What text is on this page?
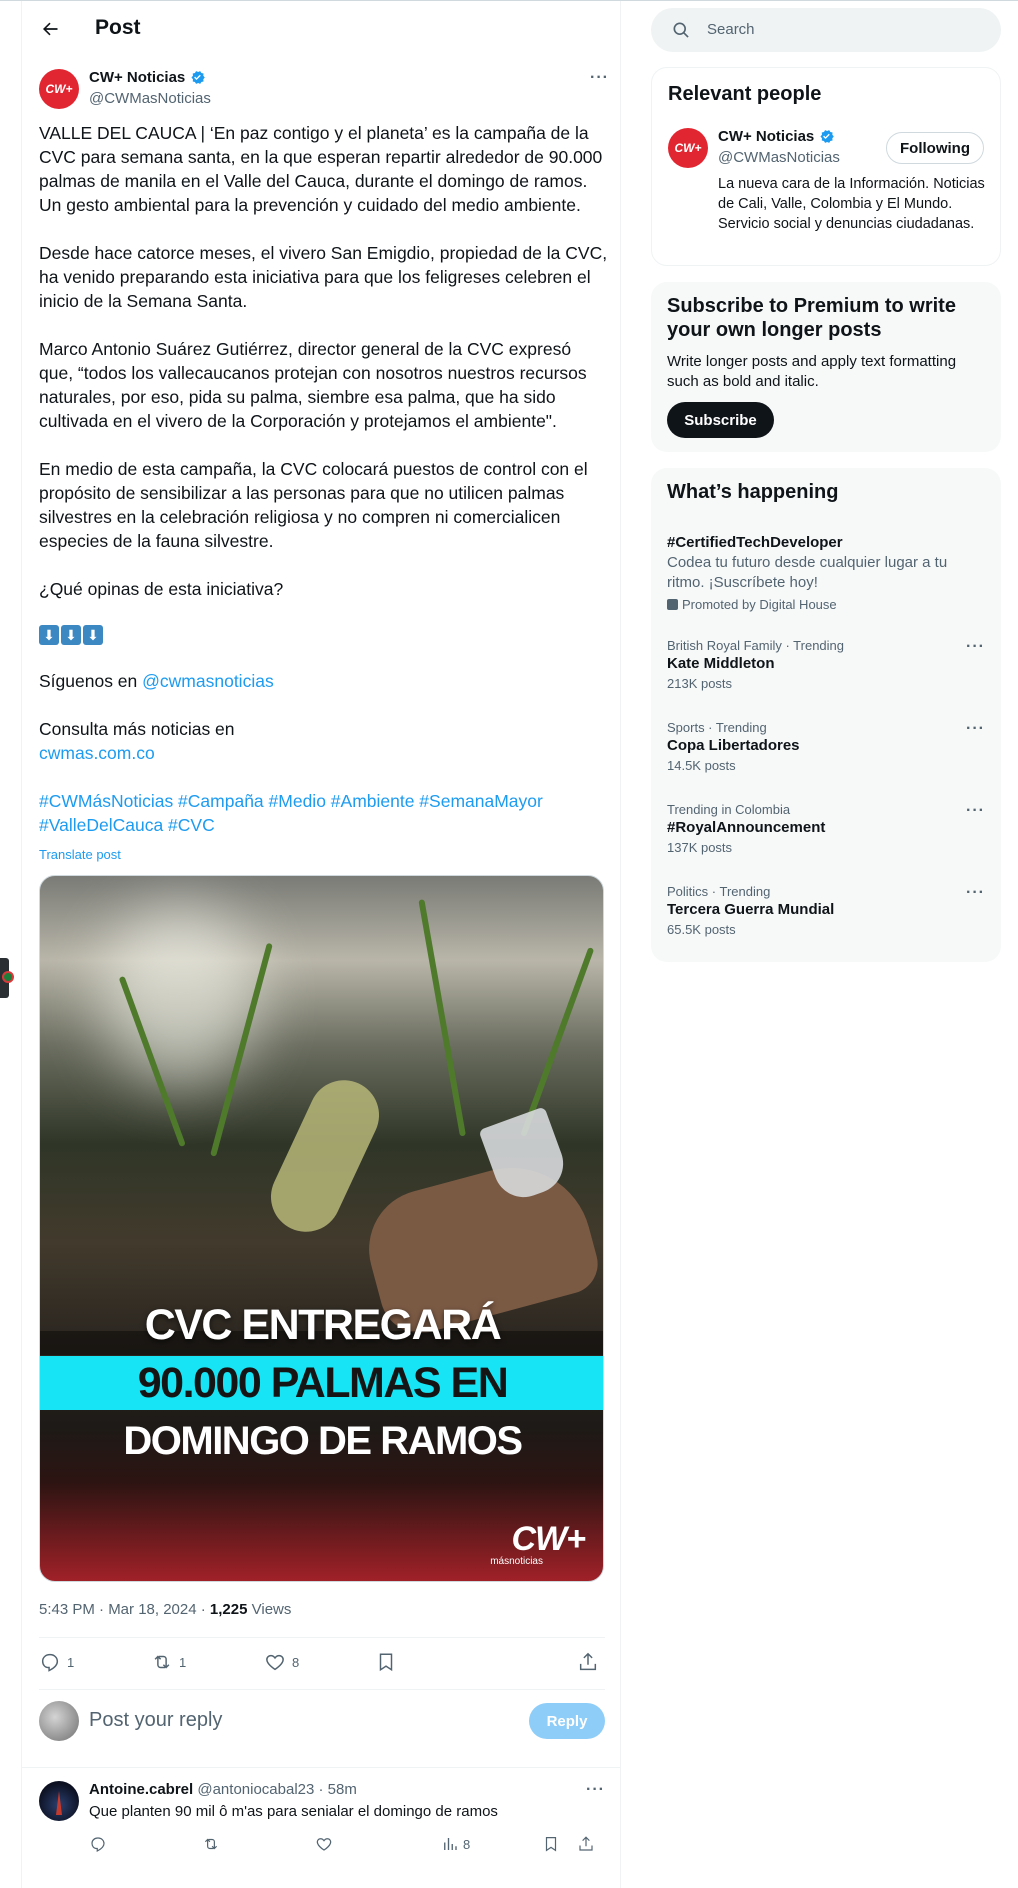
Post
CW+
CW+ Noticias
@CWMasNoticias
···

VALLE DEL CAUCA | ‘En paz contigo y el planeta’ es la campaña de la CVC para semana santa, en la que esperan repartir alrededor de 90.000 palmas de manila en el Valle del Cauca, durante el domingo de ramos. Un gesto ambiental para la prevención y cuidado del medio ambiente.

Desde hace catorce meses, el vivero San Emigdio, propiedad de la CVC, ha venido preparando esta iniciativa para que los feligreses celebren el inicio de la Semana Santa.

Marco Antonio Suárez Gutiérrez, director general de la CVC expresó que, “todos los vallecaucanos protejan con nosotros nuestros recursos naturales, por eso, pida su palma, siembre esa palma, que ha sido cultivada en el vivero de la Corporación y protejamos el ambiente".

En medio de esta campaña, la CVC colocará puestos de control con el propósito de sensibilizar a las personas para que no utilicen palmas silvestres en la celebración religiosa y no compren ni comercialicen especies de la fauna silvestre.

¿Qué opinas de esta iniciativa?

⬇ ⬇ ⬇

Síguenos en @cwmasnoticias

Consulta más noticias en
cwmas.com.co

#CWMásNoticias #Campaña #Medio #Ambiente #SemanaMayor
#ValleDelCauca #CVC

Translate post
CVC ENTREGARÁ
90.000 PALMAS EN
DOMINGO DE RAMOS
CW+
másnoticias
5:43 PM · Mar 18, 2024 · 1,225 Views
1	1	8
Post your reply	Reply
Antoine.cabrel @antoniocabal23 · 58m	···
Que planten 90 mil ô m'as para senialar el domingo de ramos
8
Search
Relevant people
CW+
CW+ Noticias
@CWMasNoticias
Following
La nueva cara de la Información. Noticias de Cali, Valle, Colombia y El Mundo. Servicio social y denuncias ciudadanas.
Subscribe to Premium to write your own longer posts
Write longer posts and apply text formatting such as bold and italic.
Subscribe
What’s happening
#CertifiedTechDeveloper
Codea tu futuro desde cualquier lugar a tu ritmo. ¡Suscríbete hoy!
Promoted by Digital House
British Royal Family · Trending
Kate Middleton
213K posts
···
Sports · Trending
Copa Libertadores
14.5K posts
···
Trending in Colombia
#RoyalAnnouncement
137K posts
···
Politics · Trending
Tercera Guerra Mundial
65.5K posts
···
